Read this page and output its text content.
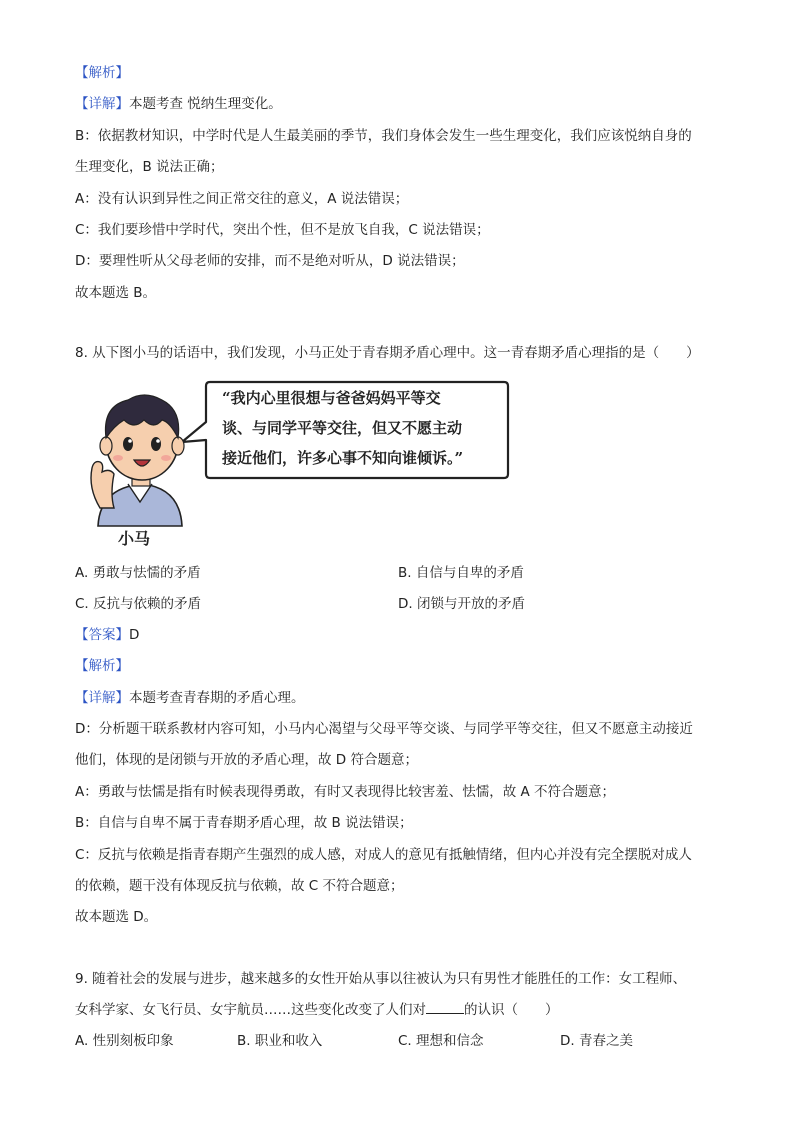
【解析】
【详解】本题考查 悦纳生理变化。
B：依据教材知识，中学时代是人生最美丽的季节，我们身体会发生一些生理变化，我们应该悦纳自身的
生理变化，B 说法正确；
A：没有认识到异性之间正常交往的意义，A 说法错误；
C：我们要珍惜中学时代，突出个性，但不是放飞自我，C 说法错误；
D：要理性听从父母老师的安排，而不是绝对听从，D 说法错误；
故本题选 B。
8. 从下图小马的话语中，我们发现，小马正处于青春期矛盾心理中。这一青春期矛盾心理指的是（　　）
“我内心里很想与爸爸妈妈平等交
谈、与同学平等交往，但又不愿主动
接近他们，许多心事不知向谁倾诉。”
小马
A. 勇敢与怯懦的矛盾	B. 自信与自卑的矛盾
C. 反抗与依赖的矛盾	D. 闭锁与开放的矛盾
【答案】D
【解析】
【详解】本题考查青春期的矛盾心理。
D：分析题干联系教材内容可知，小马内心渴望与父母平等交谈、与同学平等交往，但又不愿意主动接近
他们，体现的是闭锁与开放的矛盾心理，故 D 符合题意；
A：勇敢与怯懦是指有时候表现得勇敢，有时又表现得比较害羞、怯懦，故 A 不符合题意；
B：自信与自卑不属于青春期矛盾心理，故 B 说法错误；
C：反抗与依赖是指青春期产生强烈的成人感，对成人的意见有抵触情绪，但内心并没有完全摆脱对成人
的依赖，题干没有体现反抗与依赖，故 C 不符合题意；
故本题选 D。
9. 随着社会的发展与进步，越来越多的女性开始从事以往被认为只有男性才能胜任的工作：女工程师、
女科学家、女飞行员、女宇航员……这些变化改变了人们对	的认识（　　）
A. 性别刻板印象	B. 职业和收入	C. 理想和信念	D. 青春之美
